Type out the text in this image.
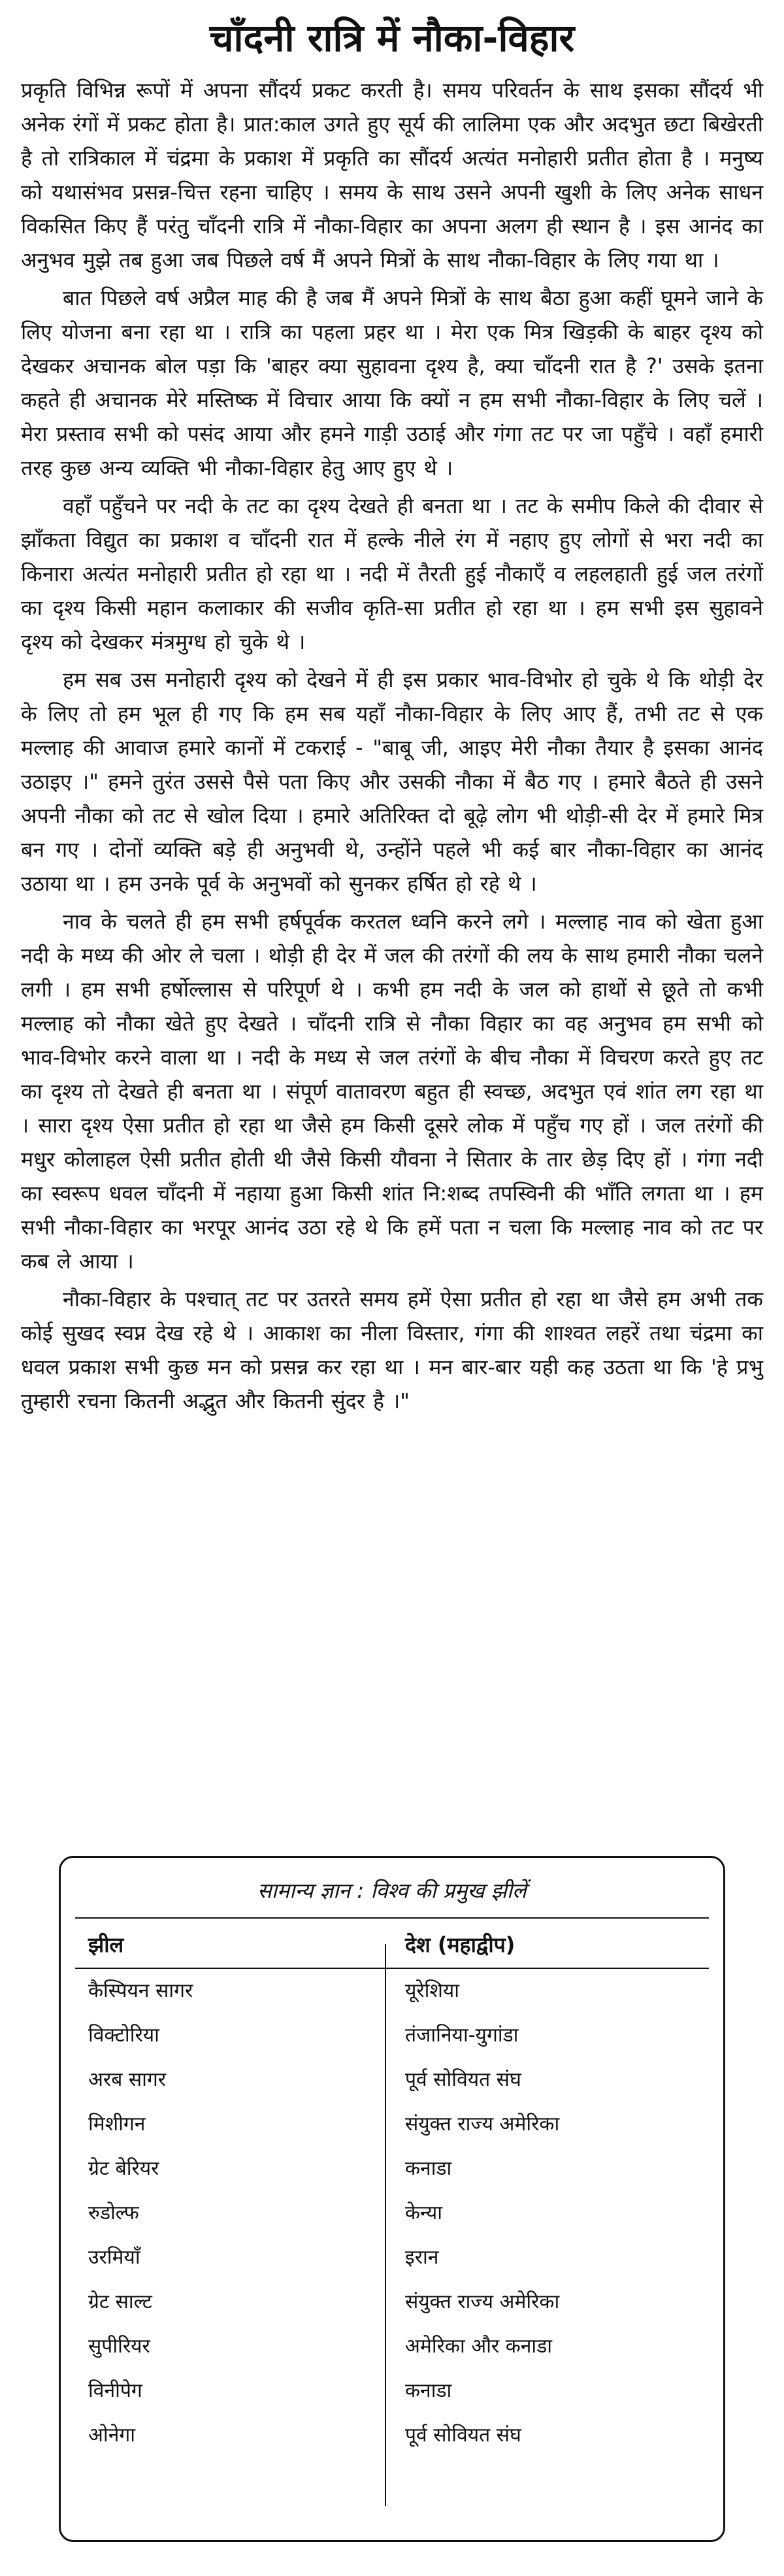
चाँदनी रात्रि में नौका-विहार

प्रकृति विभिन्न रूपों में अपना सौंदर्य प्रकट करती है। समय परिवर्तन के साथ इसका सौंदर्य भी अनेक रंगों में प्रकट होता है। प्रात:काल उगते हुए सूर्य की लालिमा एक और अदभुत छटा बिखेरती है तो रात्रिकाल में चंद्रमा के प्रकाश में प्रकृति का सौंदर्य अत्यंत मनोहारी प्रतीत होता है । मनुष्य को यथासंभव प्रसन्न-चित्त रहना चाहिए । समय के साथ उसने अपनी खुशी के लिए अनेक साधन विकसित किए हैं परंतु चाँदनी रात्रि में नौका-विहार का अपना अलग ही स्थान है । इस आनंद का अनुभव मुझे तब हुआ जब पिछले वर्ष मैं अपने मित्रों के साथ नौका-विहार के लिए गया था ।

बात पिछले वर्ष अप्रैल माह की है जब मैं अपने मित्रों के साथ बैठा हुआ कहीं घूमने जाने के लिए योजना बना रहा था । रात्रि का पहला प्रहर था । मेरा एक मित्र खिड़की के बाहर दृश्य को देखकर अचानक बोल पड़ा कि 'बाहर क्या सुहावना दृश्य है, क्या चाँदनी रात है ?' उसके इतना कहते ही अचानक मेरे मस्तिष्क में विचार आया कि क्यों न हम सभी नौका-विहार के लिए चलें । मेरा प्रस्ताव सभी को पसंद आया और हमने गाड़ी उठाई और गंगा तट पर जा पहुँचे । वहाँ हमारी तरह कुछ अन्य व्यक्ति भी नौका-विहार हेतु आए हुए थे ।

वहाँ पहुँचने पर नदी के तट का दृश्य देखते ही बनता था । तट के समीप किले की दीवार से झाँकता विद्युत का प्रकाश व चाँदनी रात में हल्के नीले रंग में नहाए हुए लोगों से भरा नदी का किनारा अत्यंत मनोहारी प्रतीत हो रहा था । नदी में तैरती हुई नौकाएँ व लहलहाती हुई जल तरंगों का दृश्य किसी महान कलाकार की सजीव कृति-सा प्रतीत हो रहा था । हम सभी इस सुहावने दृश्य को देखकर मंत्रमुग्ध हो चुके थे ।

हम सब उस मनोहारी दृश्य को देखने में ही इस प्रकार भाव-विभोर हो चुके थे कि थोड़ी देर के लिए तो हम भूल ही गए कि हम सब यहाँ नौका-विहार के लिए आए हैं, तभी तट से एक मल्लाह की आवाज हमारे कानों में टकराई - "बाबू जी, आइए मेरी नौका तैयार है इसका आनंद उठाइए ।" हमने तुरंत उससे पैसे पता किए और उसकी नौका में बैठ गए । हमारे बैठते ही उसने अपनी नौका को तट से खोल दिया । हमारे अतिरिक्त दो बूढ़े लोग भी थोड़ी-सी देर में हमारे मित्र बन गए । दोनों व्यक्ति बड़े ही अनुभवी थे, उन्होंने पहले भी कई बार नौका-विहार का आनंद उठाया था । हम उनके पूर्व के अनुभवों को सुनकर हर्षित हो रहे थे ।

नाव के चलते ही हम सभी हर्षपूर्वक करतल ध्वनि करने लगे । मल्लाह नाव को खेता हुआ नदी के मध्य की ओर ले चला । थोड़ी ही देर में जल की तरंगों की लय के साथ हमारी नौका चलने लगी । हम सभी हर्षोल्लास से परिपूर्ण थे । कभी हम नदी के जल को हाथों से छूते तो कभी मल्लाह को नौका खेते हुए देखते । चाँदनी रात्रि से नौका विहार का वह अनुभव हम सभी को भाव-विभोर करने वाला था । नदी के मध्य से जल तरंगों के बीच नौका में विचरण करते हुए तट का दृश्य तो देखते ही बनता था । संपूर्ण वातावरण बहुत ही स्वच्छ, अदभुत एवं शांत लग रहा था । सारा दृश्य ऐसा प्रतीत हो रहा था जैसे हम किसी दूसरे लोक में पहुँच गए हों । जल तरंगों की मधुर कोलाहल ऐसी प्रतीत होती थी जैसे किसी यौवना ने सितार के तार छेड़ दिए हों । गंगा नदी का स्वरूप धवल चाँदनी में नहाया हुआ किसी शांत नि:शब्द तपस्विनी की भाँति लगता था । हम सभी नौका-विहार का भरपूर आनंद उठा रहे थे कि हमें पता न चला कि मल्लाह नाव को तट पर कब ले आया ।

नौका-विहार के पश्चात् तट पर उतरते समय हमें ऐसा प्रतीत हो रहा था जैसे हम अभी तक कोई सुखद स्वप्न देख रहे थे । आकाश का नीला विस्तार, गंगा की शाश्वत लहरें तथा चंद्रमा का धवल प्रकाश सभी कुछ मन को प्रसन्न कर रहा था । मन बार-बार यही कह उठता था कि 'हे प्रभु तुम्हारी रचना कितनी अद्भुत और कितनी सुंदर है ।"

सामान्य ज्ञान : विश्व की प्रमुख झीलें
झील	देश (महाद्वीप)
कैस्पियन सागर	यूरेशिया
विक्टोरिया	तंजानिया-युगांडा
अरब सागर	पूर्व सोवियत संघ
मिशीगन	संयुक्त राज्य अमेरिका
ग्रेट बेरियर	कनाडा
रुडोल्फ	केन्या
उरमियाँ	इरान
ग्रेट साल्ट	संयुक्त राज्य अमेरिका
सुपीरियर	अमेरिका और कनाडा
विनीपेग	कनाडा
ओनेगा	पूर्व सोवियत संघ
